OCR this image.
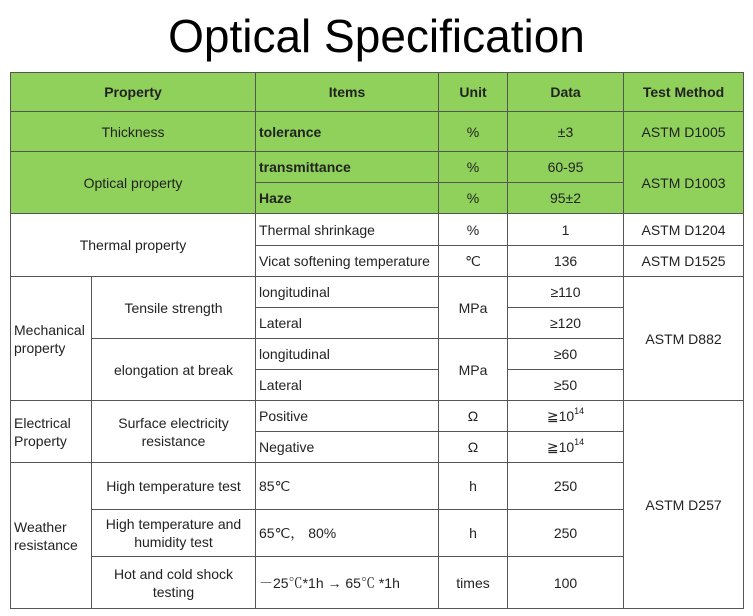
Optical Specification
Property		Items	Unit	Data	Test Method
Thickness		tolerance	%	±3	ASTM D1005
Optical property		transmittance	%	60-95	ASTM D1003
		Haze	%	95±2	
Thermal property		Thermal shrinkage	%	1	ASTM D1204
		Vicat softening temperature	℃	136	ASTM D1525
Mechanical property	Tensile strength	longitudinal	MPa	≥110	ASTM D882
		Lateral		≥120	
	elongation at break	longitudinal	MPa	≥60	
		Lateral		≥50	
Electrical Property	Surface electricity resistance	Positive	Ω	$≧10^{14}$	ASTM D257
		Negative	Ω	$≧10^{14}$
Weather resistance	High temperature test	85℃	h	250	
	High temperature and humidity test	65℃， 80%	h	250	
	Hot and cold shock testing	－25℃*1h → 65℃ *1h	times	100	
